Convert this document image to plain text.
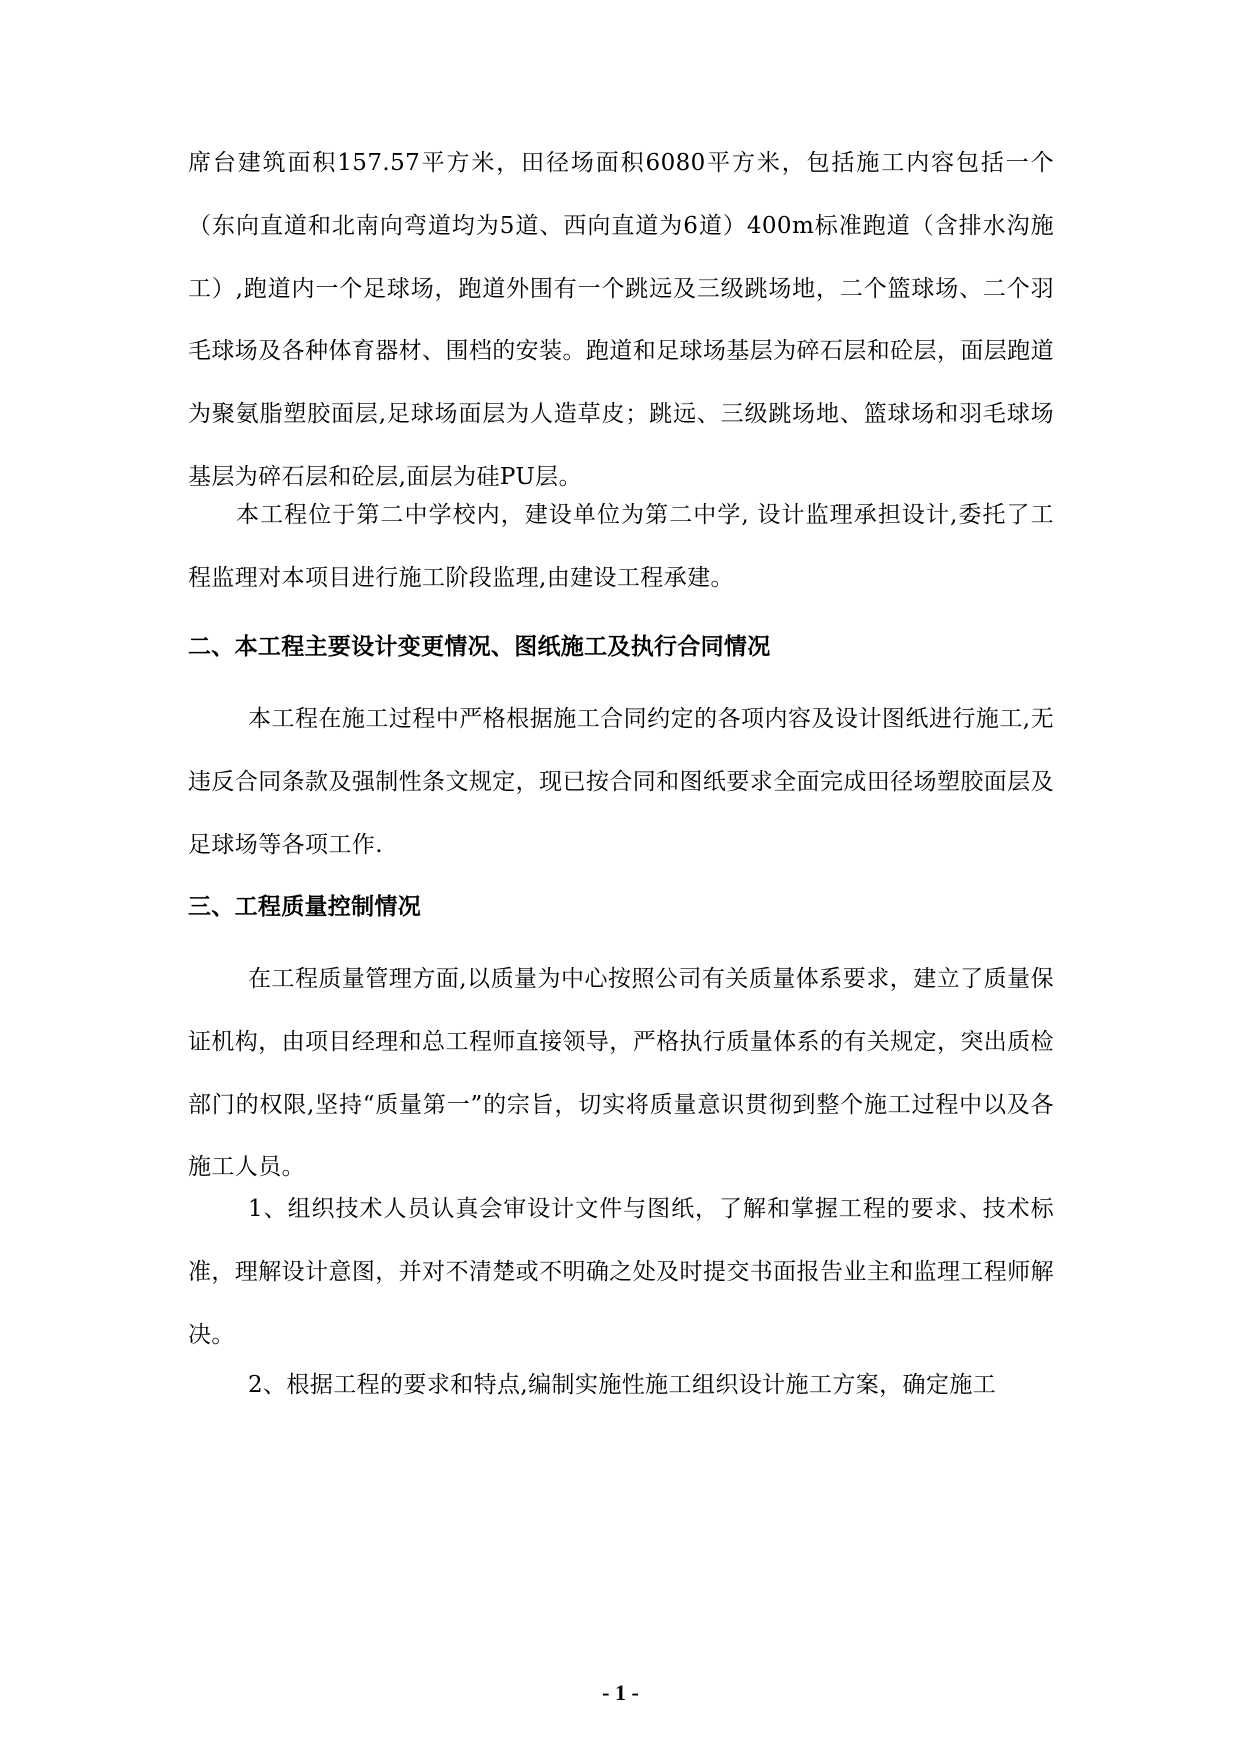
席台建筑面积157.57平方米，田径场面积6080平方米，包括施工内容包括一个（东向直道和北南向弯道均为5道、西向直道为6道）400m标准跑道（含排水沟施工）,跑道内一个足球场，跑道外围有一个跳远及三级跳场地，二个篮球场、二个羽毛球场及各种体育器材、围档的安装。跑道和足球场基层为碎石层和砼层，面层跑道为聚氨脂塑胶面层,足球场面层为人造草皮；跳远、三级跳场地、篮球场和羽毛球场基层为碎石层和砼层,面层为硅PU层。

本工程位于第二中学校内，建设单位为第二中学, 设计监理承担设计,委托了工程监理对本项目进行施工阶段监理,由建设工程承建。

二、本工程主要设计变更情况、图纸施工及执行合同情况

本工程在施工过程中严格根据施工合同约定的各项内容及设计图纸进行施工,无违反合同条款及强制性条文规定，现已按合同和图纸要求全面完成田径场塑胶面层及足球场等各项工作.

三、工程质量控制情况

在工程质量管理方面,以质量为中心按照公司有关质量体系要求，建立了质量保证机构，由项目经理和总工程师直接领导，严格执行质量体系的有关规定，突出质检部门的权限,坚持“质量第一”的宗旨，切实将质量意识贯彻到整个施工过程中以及各施工人员。

1、组织技术人员认真会审设计文件与图纸，了解和掌握工程的要求、技术标准，理解设计意图，并对不清楚或不明确之处及时提交书面报告业主和监理工程师解决。

2、根据工程的要求和特点,编制实施性施工组织设计施工方案，确定施工

- 1 -
